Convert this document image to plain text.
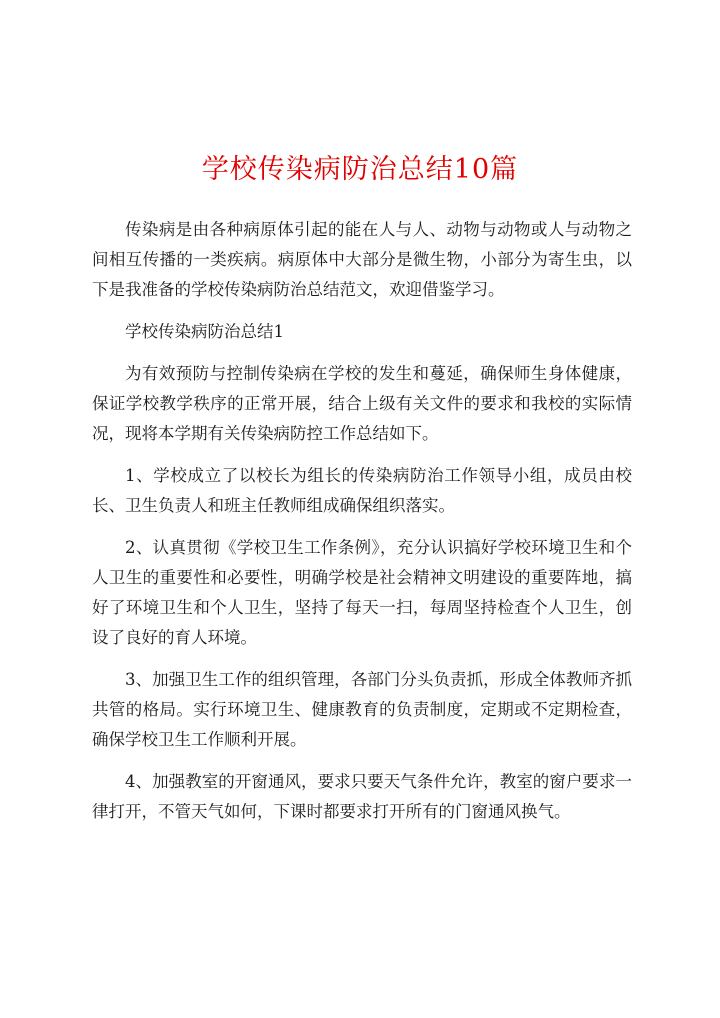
学校传染病防治总结10篇

传染病是由各种病原体引起的能在人与人、动物与动物或人与动物之间相互传播的一类疾病。病原体中大部分是微生物，小部分为寄生虫，以下是我准备的学校传染病防治总结范文，欢迎借鉴学习。

学校传染病防治总结1

为有效预防与控制传染病在学校的发生和蔓延，确保师生身体健康，保证学校教学秩序的正常开展，结合上级有关文件的要求和我校的实际情况，现将本学期有关传染病防控工作总结如下。

1、学校成立了以校长为组长的传染病防治工作领导小组，成员由校长、卫生负责人和班主任教师组成确保组织落实。

2、认真贯彻《学校卫生工作条例》，充分认识搞好学校环境卫生和个人卫生的重要性和必要性，明确学校是社会精神文明建设的重要阵地，搞好了环境卫生和个人卫生，坚持了每天一扫，每周坚持检查个人卫生，创设了良好的育人环境。

3、加强卫生工作的组织管理，各部门分头负责抓，形成全体教师齐抓共管的格局。实行环境卫生、健康教育的负责制度，定期或不定期检查，确保学校卫生工作顺利开展。

4、加强教室的开窗通风，要求只要天气条件允许，教室的窗户要求一律打开，不管天气如何，下课时都要求打开所有的门窗通风换气。
